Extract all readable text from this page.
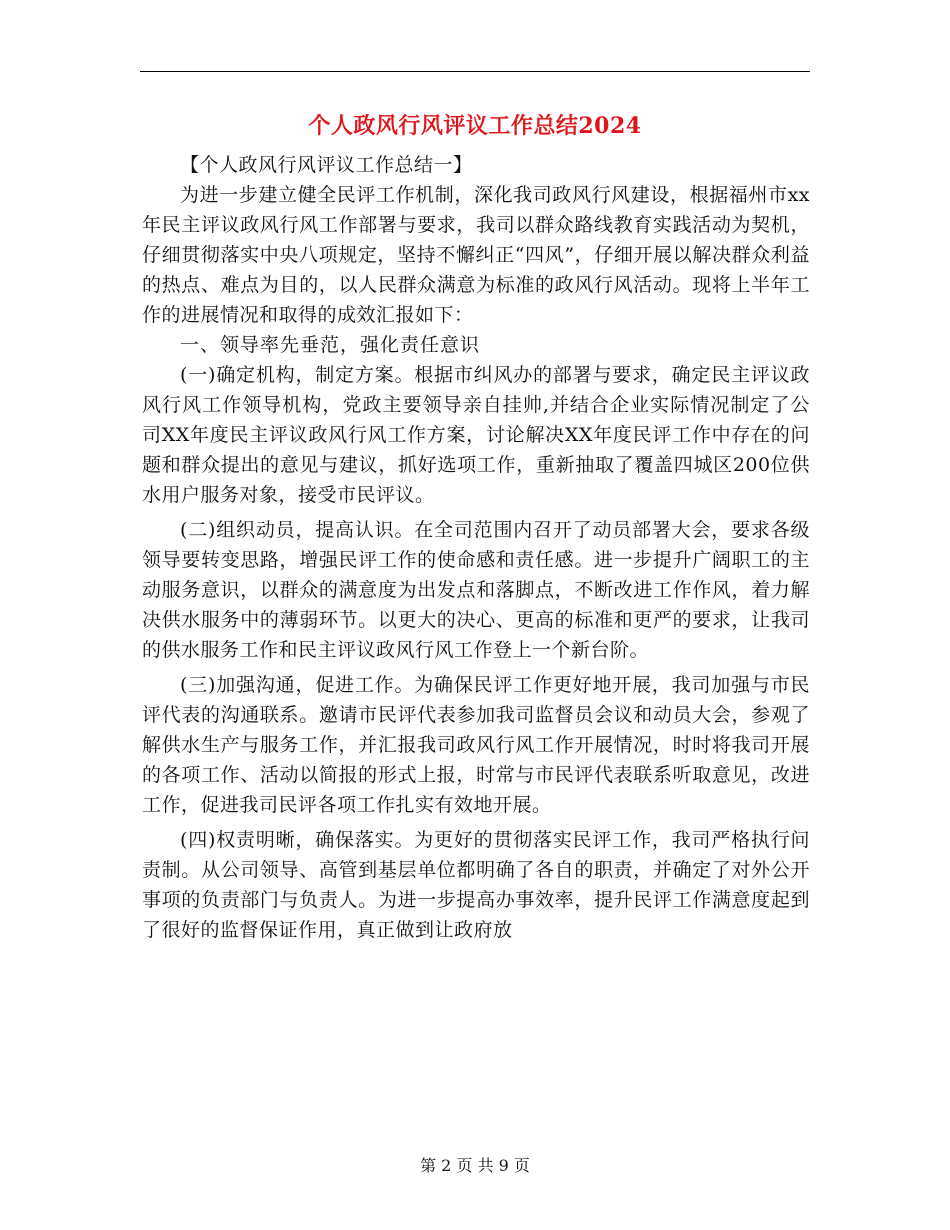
个人政风行风评议工作总结2024

【个人政风行风评议工作总结一】

为进一步建立健全民评工作机制，深化我司政风行风建设，根据福州市xx年民主评议政风行风工作部署与要求，我司以群众路线教育实践活动为契机，仔细贯彻落实中央八项规定，坚持不懈纠正“四风”，仔细开展以解决群众利益的热点、难点为目的，以人民群众满意为标准的政风行风活动。现将上半年工作的进展情况和取得的成效汇报如下：

一、领导率先垂范，强化责任意识

(一)确定机构，制定方案。根据市纠风办的部署与要求，确定民主评议政风行风工作领导机构，党政主要领导亲自挂帅,并结合企业实际情况制定了公司XX年度民主评议政风行风工作方案，讨论解决XX年度民评工作中存在的问题和群众提出的意见与建议，抓好选项工作，重新抽取了覆盖四城区200位供水用户服务对象，接受市民评议。

(二)组织动员，提高认识。在全司范围内召开了动员部署大会，要求各级领导要转变思路，增强民评工作的使命感和责任感。进一步提升广阔职工的主动服务意识，以群众的满意度为出发点和落脚点，不断改进工作作风，着力解决供水服务中的薄弱环节。以更大的决心、更高的标准和更严的要求，让我司的供水服务工作和民主评议政风行风工作登上一个新台阶。

(三)加强沟通，促进工作。为确保民评工作更好地开展，我司加强与市民评代表的沟通联系。邀请市民评代表参加我司监督员会议和动员大会，参观了解供水生产与服务工作，并汇报我司政风行风工作开展情况，时时将我司开展的各项工作、活动以简报的形式上报，时常与市民评代表联系听取意见，改进工作，促进我司民评各项工作扎实有效地开展。

(四)权责明晰，确保落实。为更好的贯彻落实民评工作，我司严格执行问责制。从公司领导、高管到基层单位都明确了各自的职责，并确定了对外公开事项的负责部门与负责人。为进一步提高办事效率，提升民评工作满意度起到了很好的监督保证作用，真正做到让政府放

第 2 页 共 9 页
